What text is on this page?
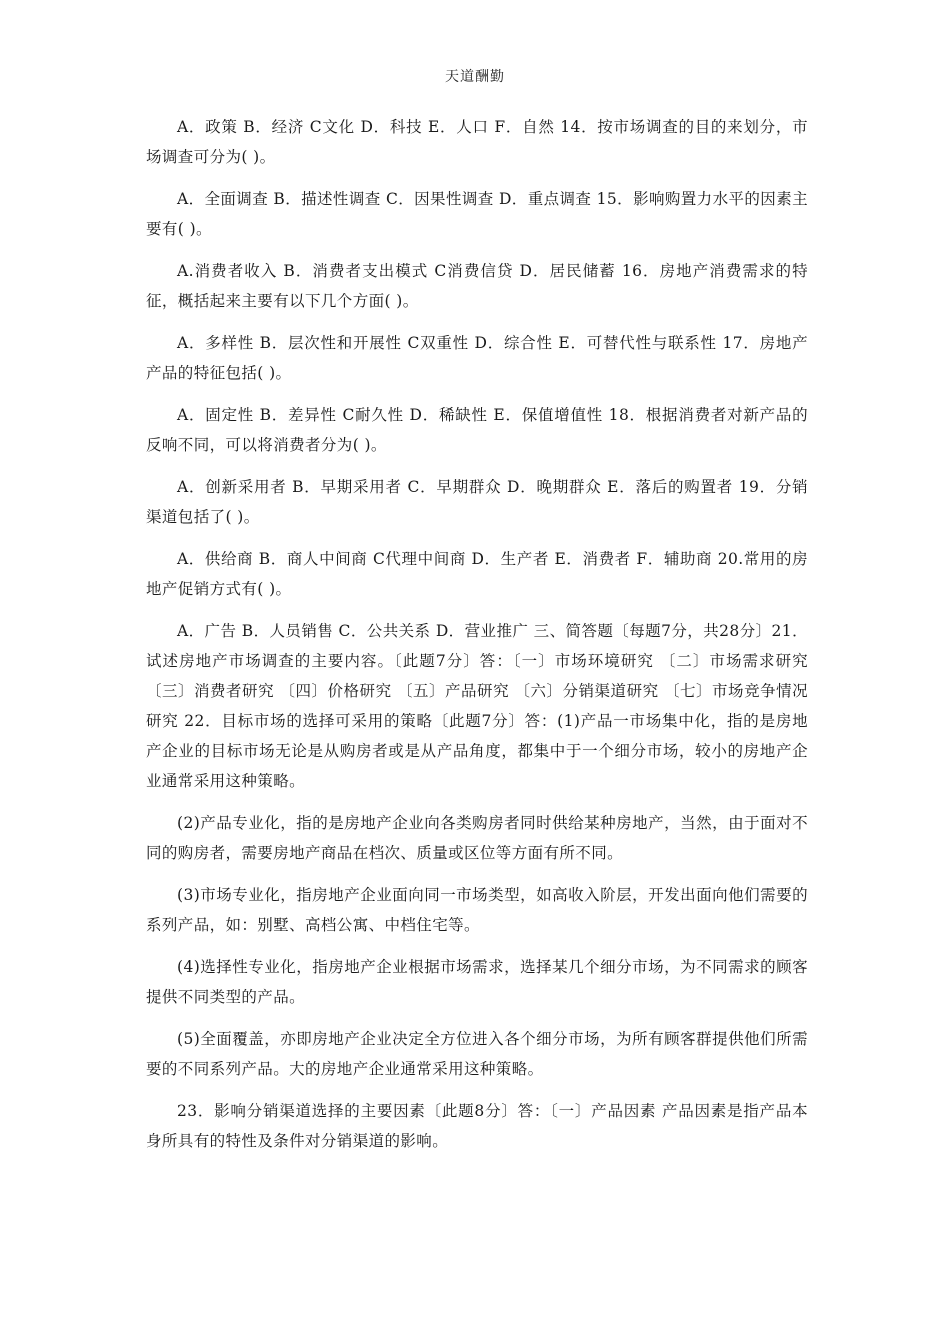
天道酬勤

A．政策 B．经济 C文化 D．科技 E．人口 F．自然 14．按市场调查的目的来划分，市场调查可分为( )。

A．全面调查 B．描述性调查 C．因果性调查 D．重点调查 15．影响购置力水平的因素主要有( )。

A.消费者收入 B．消费者支出模式 C消费信贷 D．居民储蓄 16．房地产消费需求的特征，概括起来主要有以下几个方面( )。

A．多样性 B．层次性和开展性 C双重性 D．综合性 E．可替代性与联系性 17．房地产产品的特征包括( )。

A．固定性 B．差异性 C耐久性 D．稀缺性 E．保值增值性 18．根据消费者对新产品的反响不同，可以将消费者分为( )。

A．创新采用者 B．早期采用者 C．早期群众 D．晚期群众 E．落后的购置者 19．分销渠道包括了( )。

A．供给商 B．商人中间商 C代理中间商 D．生产者 E．消费者 F．辅助商 20.常用的房地产促销方式有( )。

A．广告 B．人员销售 C．公共关系 D．营业推广 三、简答题〔每题7分，共28分〕21．试述房地产市场调查的主要内容。〔此题7分〕答：〔一〕市场环境研究 〔二〕市场需求研究 〔三〕消费者研究 〔四〕价格研究 〔五〕产品研究 〔六〕分销渠道研究 〔七〕市场竞争情况研究 22．目标市场的选择可采用的策略〔此题7分〕答：(1)产品一市场集中化，指的是房地产企业的目标市场无论是从购房者或是从产品角度，都集中于一个细分市场，较小的房地产企业通常采用这种策略。

(2)产品专业化，指的是房地产企业向各类购房者同时供给某种房地产，当然，由于面对不同的购房者，需要房地产商品在档次、质量或区位等方面有所不同。

(3)市场专业化，指房地产企业面向同一市场类型，如高收入阶层，开发出面向他们需要的系列产品，如：别墅、高档公寓、中档住宅等。

(4)选择性专业化，指房地产企业根据市场需求，选择某几个细分市场，为不同需求的顾客提供不同类型的产品。

(5)全面覆盖，亦即房地产企业决定全方位进入各个细分市场，为所有顾客群提供他们所需要的不同系列产品。大的房地产企业通常采用这种策略。

23．影响分销渠道选择的主要因素〔此题8分〕答：〔一〕产品因素 产品因素是指产品本身所具有的特性及条件对分销渠道的影响。
